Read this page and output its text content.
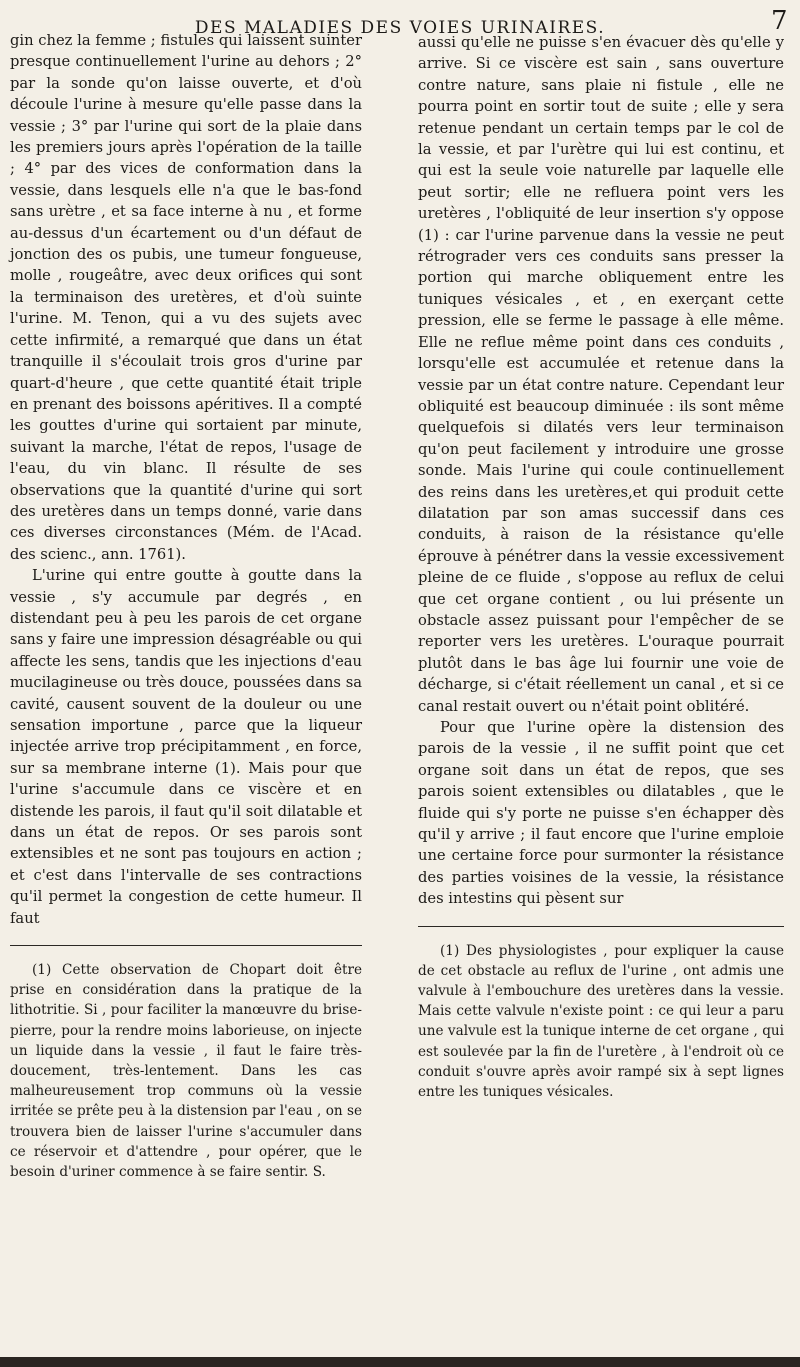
DES MALADIES DES VOIES URINAIRES.	7

gin chez la femme ; fistules qui laissent suinter presque continuellement l'urine au dehors ; 2° par la sonde qu'on laisse ouverte, et d'où découle l'urine à mesure qu'elle passe dans la vessie ; 3° par l'urine qui sort de la plaie dans les premiers jours après l'opération de la taille ; 4° par des vices de conformation dans la vessie, dans lesquels elle n'a que le bas-fond sans urètre , et sa face interne à nu , et forme au-dessus d'un écartement ou d'un défaut de jonction des os pubis, une tumeur fongueuse, molle , rougeâtre, avec deux orifices qui sont la terminaison des uretères, et d'où suinte l'urine. M. Tenon, qui a vu des sujets avec cette infirmité, a remarqué que dans un état tranquille il s'écoulait trois gros d'urine par quart-d'heure , que cette quantité était triple en prenant des boissons apéritives. Il a compté les gouttes d'urine qui sortaient par minute, suivant la marche, l'état de repos, l'usage de l'eau, du vin blanc. Il résulte de ses observations que la quantité d'urine qui sort des uretères dans un temps donné, varie dans ces diverses circonstances (Mém. de l'Acad. des scienc., ann. 1761).

L'urine qui entre goutte à goutte dans la vessie , s'y accumule par degrés , en distendant peu à peu les parois de cet organe sans y faire une impression désagréable ou qui affecte les sens, tandis que les injections d'eau mucilagineuse ou très douce, poussées dans sa cavité, causent souvent de la douleur ou une sensation importune , parce que la liqueur injectée arrive trop précipitamment , en force, sur sa membrane interne (1). Mais pour que l'urine s'accumule dans ce viscère et en distende les parois, il faut qu'il soit dilatable et dans un état de repos. Or ses parois sont extensibles et ne sont pas toujours en action ; et c'est dans l'intervalle de ses contractions qu'il permet la congestion de cette humeur. Il faut

(1) Cette observation de Chopart doit être prise en considération dans la pratique de la lithotritie. Si , pour faciliter la manœuvre du brise-pierre, pour la rendre moins laborieuse, on injecte un liquide dans la vessie , il faut le faire très-doucement, très-lentement. Dans les cas malheureusement trop communs où la vessie irritée se prête peu à la distension par l'eau , on se trouvera bien de laisser l'urine s'accumuler dans ce réservoir et d'attendre , pour opérer, que le besoin d'uriner commence à se faire sentir. S.

aussi qu'elle ne puisse s'en évacuer dès qu'elle y arrive. Si ce viscère est sain , sans ouverture contre nature, sans plaie ni fistule , elle ne pourra point en sortir tout de suite ; elle y sera retenue pendant un certain temps par le col de la vessie, et par l'urètre qui lui est continu, et qui est la seule voie naturelle par laquelle elle peut sortir; elle ne refluera point vers les uretères , l'obliquité de leur insertion s'y oppose (1) : car l'urine parvenue dans la vessie ne peut rétrograder vers ces conduits sans presser la portion qui marche obliquement entre les tuniques vésicales , et , en exerçant cette pression, elle se ferme le passage à elle même. Elle ne reflue même point dans ces conduits , lorsqu'elle est accumulée et retenue dans la vessie par un état contre nature. Cependant leur obliquité est beaucoup diminuée : ils sont même quelquefois si dilatés vers leur terminaison qu'on peut facilement y introduire une grosse sonde. Mais l'urine qui coule continuellement des reins dans les uretères,et qui produit cette dilatation par son amas successif dans ces conduits, à raison de la résistance qu'elle éprouve à pénétrer dans la vessie excessivement pleine de ce fluide , s'oppose au reflux de celui que cet organe contient , ou lui présente un obstacle assez puissant pour l'empêcher de se reporter vers les uretères. L'ouraque pourrait plutôt dans le bas âge lui fournir une voie de décharge, si c'était réellement un canal , et si ce canal restait ouvert ou n'était point oblitéré.

Pour que l'urine opère la distension des parois de la vessie , il ne suffit point que cet organe soit dans un état de repos, que ses parois soient extensibles ou dilatables , que le fluide qui s'y porte ne puisse s'en échapper dès qu'il y arrive ; il faut encore que l'urine emploie une certaine force pour surmonter la résistance des parties voisines de la vessie, la résistance des intestins qui pèsent sur

(1) Des physiologistes , pour expliquer la cause de cet obstacle au reflux de l'urine , ont admis une valvule à l'embouchure des uretères dans la vessie. Mais cette valvule n'existe point : ce qui leur a paru une valvule est la tunique interne de cet organe , qui est soulevée par la fin de l'uretère , à l'endroit où ce conduit s'ouvre après avoir rampé six à sept lignes entre les tuniques vésicales.
